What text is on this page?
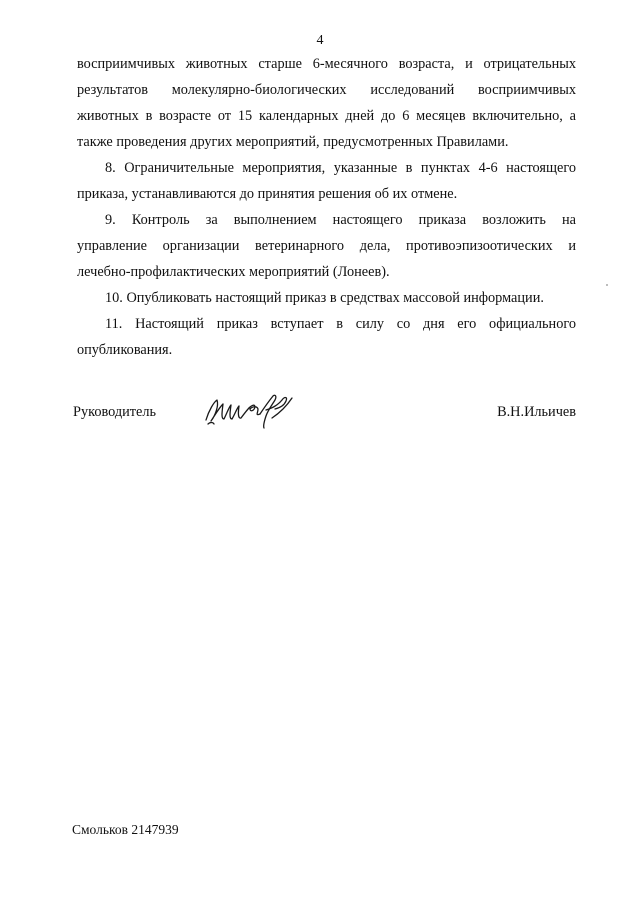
4
восприимчивых животных старше 6-месячного возраста, и отрицательных
результатов молекулярно-биологических исследований восприимчивых
животных в возрасте от 15 календарных дней до 6 месяцев включительно, а
также проведения других мероприятий, предусмотренных Правилами.
8. Ограничительные мероприятия, указанные в пунктах 4-6 настоящего
приказа, устанавливаются до принятия решения об их отмене.
9. Контроль за выполнением настоящего приказа возложить на
управление организации ветеринарного дела, противоэпизоотических и
лечебно-профилактических мероприятий (Лонеев).
10. Опубликовать настоящий приказ в средствах массовой информации.
11. Настоящий приказ вступает в силу со дня его официального
опубликования.
Руководитель	В.Н.Ильичев
Смольков 2147939
